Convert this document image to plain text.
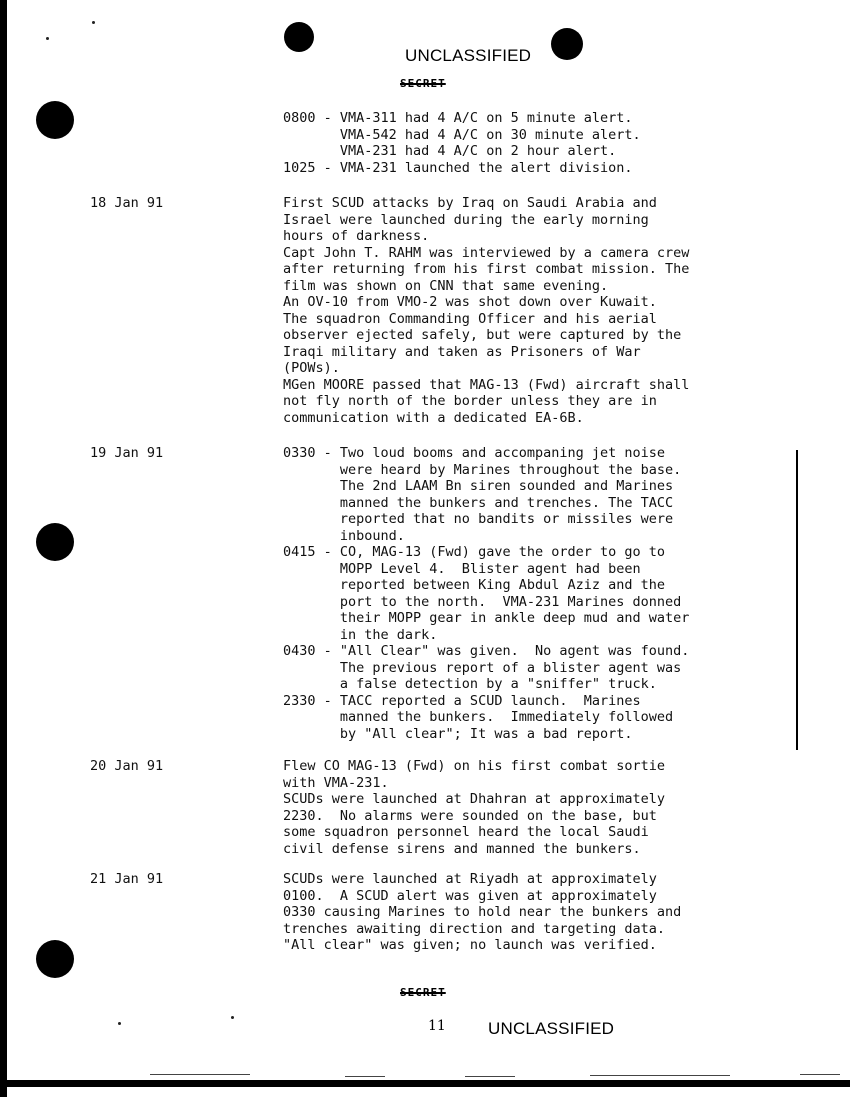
UNCLASSIFIED
SECRET
0800 - VMA-311 had 4 A/C on 5 minute alert.
VMA-542 had 4 A/C on 30 minute alert.
VMA-231 had 4 A/C on 2 hour alert.
1025 - VMA-231 launched the alert division.
18 Jan 91	First SCUD attacks by Iraq on Saudi Arabia and
Israel were launched during the early morning
hours of darkness.
Capt John T. RAHM was interviewed by a camera crew
after returning from his first combat mission. The
film was shown on CNN that same evening.
An OV-10 from VMO-2 was shot down over Kuwait.
The squadron Commanding Officer and his aerial
observer ejected safely, but were captured by the
Iraqi military and taken as Prisoners of War
(POWs).
MGen MOORE passed that MAG-13 (Fwd) aircraft shall
not fly north of the border unless they are in
communication with a dedicated EA-6B.
19 Jan 91	0330 - Two loud booms and accompaning jet noise
were heard by Marines throughout the base.
The 2nd LAAM Bn siren sounded and Marines
manned the bunkers and trenches. The TACC
reported that no bandits or missiles were
inbound.
0415 - CO, MAG-13 (Fwd) gave the order to go to
MOPP Level 4.  Blister agent had been
reported between King Abdul Aziz and the
port to the north.  VMA-231 Marines donned
their MOPP gear in ankle deep mud and water
in the dark.
0430 - "All Clear" was given.  No agent was found.
The previous report of a blister agent was
a false detection by a "sniffer" truck.
2330 - TACC reported a SCUD launch.  Marines
manned the bunkers.  Immediately followed
by "All clear"; It was a bad report.
20 Jan 91	Flew CO MAG-13 (Fwd) on his first combat sortie
with VMA-231.
SCUDs were launched at Dhahran at approximately
2230.  No alarms were sounded on the base, but
some squadron personnel heard the local Saudi
civil defense sirens and manned the bunkers.
21 Jan 91	SCUDs were launched at Riyadh at approximately
0100.  A SCUD alert was given at approximately
0330 causing Marines to hold near the bunkers and
trenches awaiting direction and targeting data.
"All clear" was given; no launch was verified.
SECRET
11 UNCLASSIFIED
